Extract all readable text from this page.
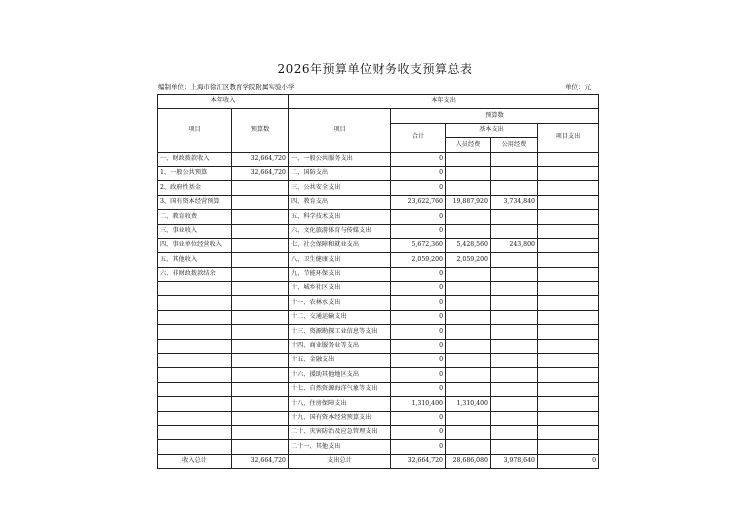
2026年预算单位财务收支预算总表
编制单位：上海市徐汇区教育学院附属实验小学	单位：元
本年收入		本年支出				
项目	预算数	项目	预算数			
			合计	基本支出		项目支出
				人员经费	公用经费	
一、财政拨款收入	32,664,720	一、一般公共服务支出	0			
1、一般公共预算	32,664,720	二、国防支出	0			
2、政府性基金		三、公共安全支出	0			
3、国有资本经营预算		四、教育支出	23,622,760	19,887,920	3,734,840	
二、教育收费		五、科学技术支出	0			
三、事业收入		六、文化旅游体育与传媒支出	0			
四、事业单位经营收入		七、社会保障和就业支出	5,672,360	5,428,560	243,800	
五、其他收入		八、卫生健康支出	2,059,200	2,059,200		
六、非财政拨款结余		九、节能环保支出	0			
		十、城乡社区支出	0			
		十一、农林水支出	0			
		十二、交通运输支出	0			
		十三、资源勘探工业信息等支出	0			
		十四、商业服务业等支出	0			
		十五、金融支出	0			
		十六、援助其他地区支出	0			
		十七、自然资源海洋气象等支出	0			
		十八、住房保障支出	1,310,400	1,310,400		
		十九、国有资本经营预算支出	0			
		二十、灾害防治及应急管理支出	0			
		二十一、其他支出	0			
收入总计	32,664,720	支出总计	32,664,720	28,686,080	3,978,640	0
